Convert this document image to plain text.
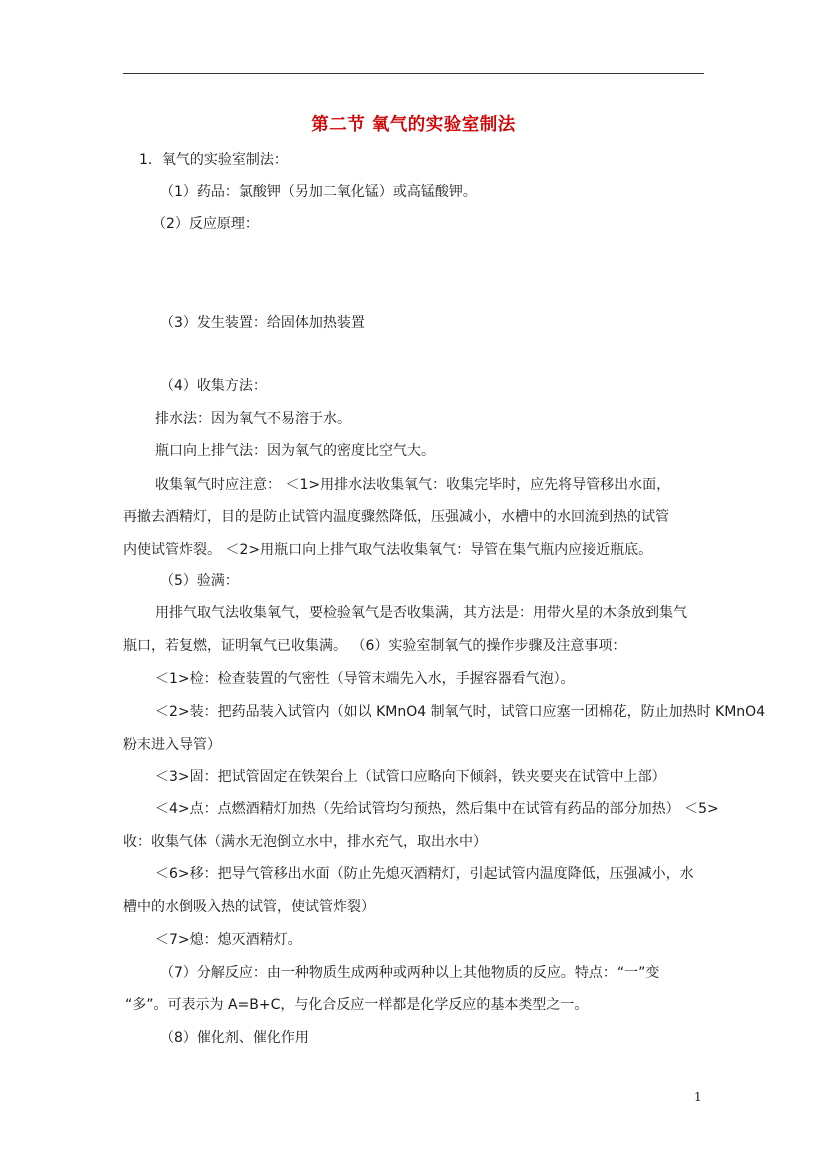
第二节 氧气的实验室制法
1．氧气的实验室制法：
（1）药品：氯酸钾（另加二氧化锰）或高锰酸钾。
（2）反应原理：
（3）发生装置：给固体加热装置
（4）收集方法：
排水法：因为氧气不易溶于水。
瓶口向上排气法：因为氧气的密度比空气大。
收集氧气时应注意： ＜1>用排水法收集氧气：收集完毕时，应先将导管移出水面，
再撤去酒精灯，目的是防止试管内温度骤然降低，压强减小，水槽中的水回流到热的试管
内使试管炸裂。 ＜2>用瓶口向上排气取气法收集氧气：导管在集气瓶内应接近瓶底。
（5）验满：
用排气取气法收集氧气，要检验氧气是否收集满，其方法是：用带火星的木条放到集气
瓶口，若复燃，证明氧气已收集满。 （6）实验室制氧气的操作步骤及注意事项：
＜1>检：检查装置的气密性（导管末端先入水，手握容器看气泡）。
＜2>装：把药品装入试管内（如以 KMnO4 制氧气时，试管口应塞一团棉花，防止加热时 KMnO4
粉末进入导管）
＜3>固：把试管固定在铁架台上（试管口应略向下倾斜，铁夹要夹在试管中上部）
＜4>点：点燃酒精灯加热（先给试管均匀预热，然后集中在试管有药品的部分加热） ＜5>
收：收集气体（满水无泡倒立水中，排水充气，取出水中）
＜6>移：把导气管移出水面（防止先熄灭酒精灯，引起试管内温度降低，压强减小，水
槽中的水倒吸入热的试管，使试管炸裂）
＜7>熄：熄灭酒精灯。
（7）分解反应：由一种物质生成两种或两种以上其他物质的反应。特点：“一”变
“多”。可表示为 A=B+C，与化合反应一样都是化学反应的基本类型之一。
（8）催化剂、催化作用
1
